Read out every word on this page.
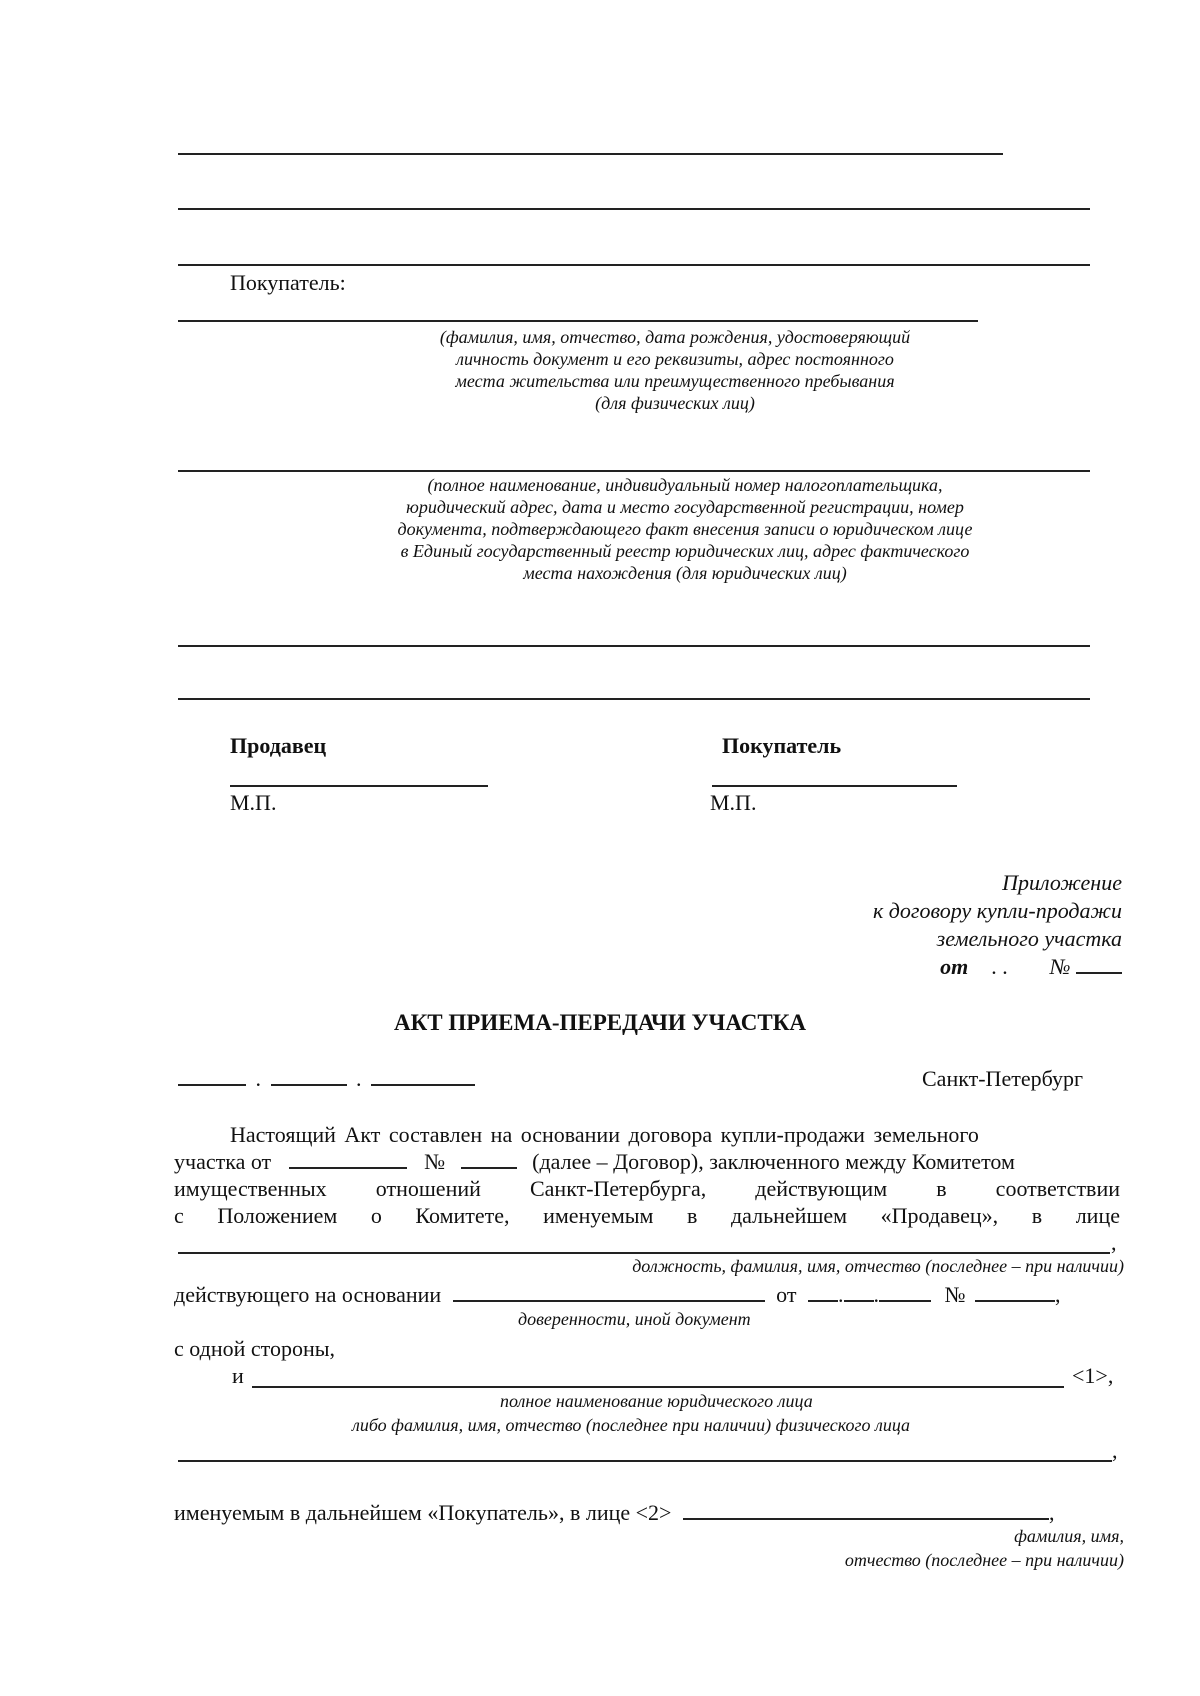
Покупатель:
(фамилия, имя, отчество, дата рождения, удостоверяющий
личность документ и его реквизиты, адрес постоянного
места жительства или преимущественного пребывания
(для физических лиц)
(полное наименование, индивидуальный номер налогоплательщика,
юридический адрес, дата и место государственной регистрации, номер
документа, подтверждающего факт внесения записи о юридическом лице
в Единый государственный реестр юридических лиц, адрес фактического
места нахождения (для юридических лиц)
Продавец	Покупатель
М.П.	М.П.
Приложение
к договору купли-продажи
земельного участка
от . . №
АКТ ПРИЕМА-ПЕРЕДАЧИ УЧАСТКА
.	.	Санкт-Петербург
Настоящий Акт составлен на основании договора купли-продажи земельного
участка от	№	(далее – Договор), заключенного между Комитетом
имущественных отношений Санкт-Петербурга, действующим в соответствии
с Положением о Комитете, именуемым в дальнейшем «Продавец», в лице
,
должность, фамилия, имя, отчество (последнее – при наличии)
действующего на основании	от . .	№	,
доверенности, иной документ
с одной стороны,
и	<1>,
полное наименование юридического лица
либо фамилия, имя, отчество (последнее при наличии) физического лица
,
именуемым в дальнейшем «Покупатель», в лице <2>	,
фамилия, имя,
отчество (последнее – при наличии)
